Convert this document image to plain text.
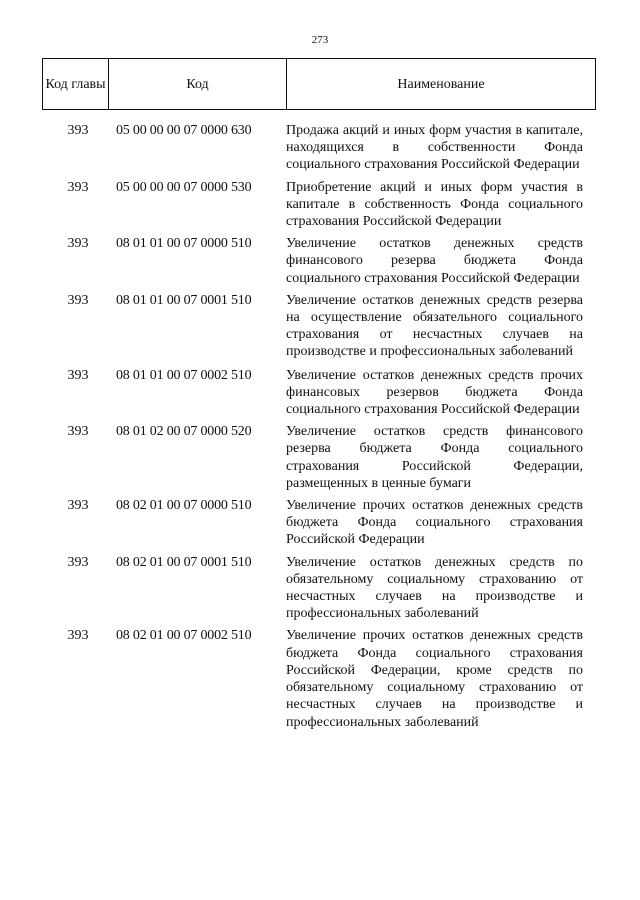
273
Код главы	Код	Наименование
393	05 00 00 00 07 0000 630	Продажа акций и иных форм участия в капитале, находящихся в собственности Фонда социального страхования Российской Федерации
393	05 00 00 00 07 0000 530	Приобретение акций и иных форм участия в капитале в собственность Фонда социального страхования Российской Федерации
393	08 01 01 00 07 0000 510	Увеличение остатков денежных средств финансового резерва бюджета Фонда социального страхования Российской Федерации
393	08 01 01 00 07 0001 510	Увеличение остатков денежных средств резерва на осуществление обязательного социального страхования от несчастных случаев на производстве и профессиональных заболеваний
393	08 01 01 00 07 0002 510	Увеличение остатков денежных средств прочих финансовых резервов бюджета Фонда социального страхования Российской Федерации
393	08 01 02 00 07 0000 520	Увеличение остатков средств финансового резерва бюджета Фонда социального страхования Российской Федерации, размещенных в ценные бумаги
393	08 02 01 00 07 0000 510	Увеличение прочих остатков денежных средств бюджета Фонда социального страхования Российской Федерации
393	08 02 01 00 07 0001 510	Увеличение остатков денежных средств по обязательному социальному страхованию от несчастных случаев на производстве и профессиональных заболеваний
393	08 02 01 00 07 0002 510	Увеличение прочих остатков денежных средств бюджета Фонда социального страхования Российской Федерации, кроме средств по обязательному социальному страхованию от несчастных случаев на производстве и профессиональных заболеваний
